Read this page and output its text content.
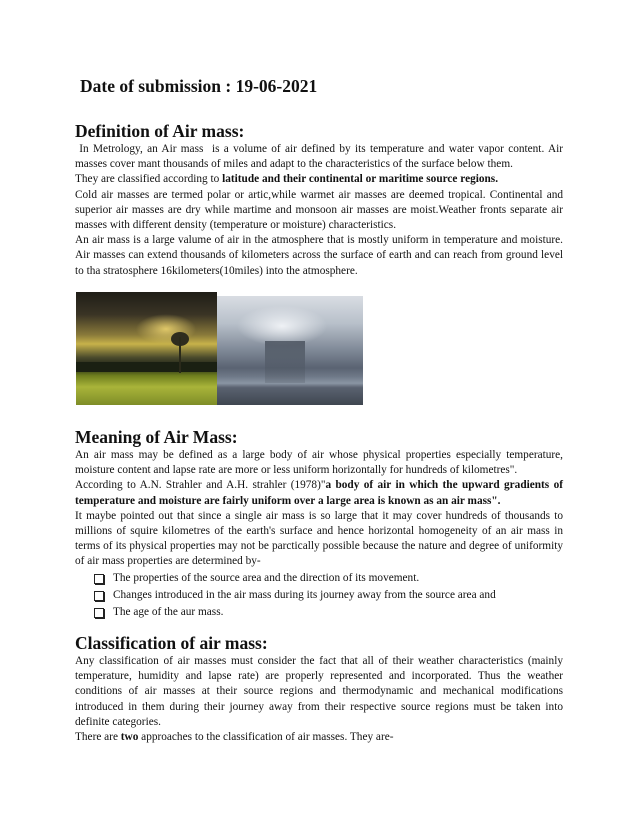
Date of submission : 19-06-2021
Definition of Air mass:
In Metrology, an Air mass  is a volume of air defined by its temperature and water vapor content. Air
masses cover mant thousands of miles and adapt to the characteristics of the surface below them.
They are classified according to latitude and their continental or maritime source regions.
Cold air masses are termed polar or artic,while warmet air masses are deemed tropical. Continental and
superior air masses are dry while martime and monsoon air masses are moist.Weather fronts separate air
masses with different density (temperature or moisture) characteristics.
An air mass is a large valume of air in the atmosphere that is mostly uniform in temperature and moisture.
Air masses can extend thousands of kilometers across the surface of earth and can reach from ground level
to tha stratosphere 16kilometers(10miles) into the atmosphere.
Meaning of Air Mass:
An air mass may be defined as a large body of air whose physical properties especially temperature,
moisture content and lapse rate are more or less uniform horizontally for hundreds of kilometres".
According to A.N. Strahler and A.H. strahler (1978)"a body of air in which the upward gradients of
temperature and moisture are fairly uniform over a large area is known as an air mass".
It maybe pointed out that since a single air mass is so large that it may cover hundreds of thousands to
millions of squire kilometres of the earth's surface and hence horizontal homogeneity of an air mass in
terms of its physical properties may not be parctically possible because the nature and degree of uniformity
of air mass properties are determined by-
The properties of the source area and the direction of its movement.
Changes introduced in the air mass during its journey away from the source area and
The age of the aur mass.
Classification of air mass:
Any classification of air masses must consider the fact that all of their weather characteristics (mainly
temperature, humidity and lapse rate) are properly represented and incorporated. Thus the weather
conditions of air masses at their source regions and thermodynamic and mechanical modifications
introduced in them during their journey away from their respective source regions must be taken into
definite categories.
There are two approaches to the classification of air masses. They are-
